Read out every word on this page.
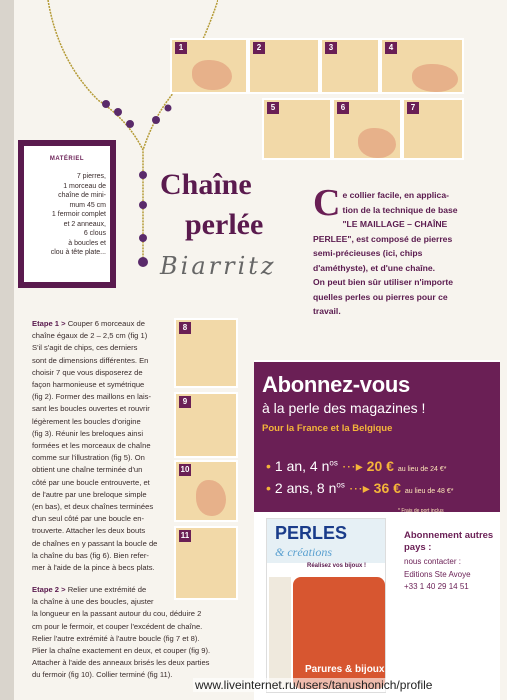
1	2	3	4
5	6	7
MATÉRIEL
7 pierres,
1 morceau de
chaîne de mini-
mum 45 cm
1 fermoir complet
et 2 anneaux,
6 clous
à boucles et
clou à tête plate...
Chaîne
perlée
Biarritz
C e collier facile, en applica-
tion de la technique de base
"LE MAILLAGE – CHAÎNE
PERLEE", est composé de pierres
semi-précieuses (ici, chips
d'améthyste), et d'une chaîne.
On peut bien sûr utiliser n'importe
quelles perles ou pierres pour ce
travail.
Etape 1 > Couper 6 morceaux de
chaîne égaux de 2 – 2,5 cm (fig 1)
S'il s'agit de chips, ces derniers
sont de dimensions différentes. En
choisir 7 que vous disposerez de
façon harmonieuse et symétrique
(fig 2). Former des maillons en lais-
sant les boucles ouvertes et rouvrir
légèrement les boucles d'origine
(fig 3). Réunir les breloques ainsi
formées et les morceaux de chaîne
comme sur l'illustration (fig 5). On
obtient une chaîne terminée d'un
côté par une boucle entrouverte, et
de l'autre par une breloque simple
(en bas), et deux chaînes terminées
d'un seul côté par une boucle en-
trouverte. Attacher les deux bouts
de chaînes en y passant la boucle de
la chaîne du bas (fig 6). Bien refer-
mer à l'aide de la pince à becs plats.
8
9
10
11
Etape 2 > Relier une extrémité de
la chaîne à une des boucles, ajuster
la longueur en la passant autour du cou, déduire 2
cm pour le fermoir, et couper l'excédent de chaîne.
Relier l'autre extrémité à l'autre boucle (fig 7 et 8).
Plier la chaîne exactement en deux, et couper (fig 9).
Attacher à l'aide des anneaux brisés les deux parties
du fermoir (fig 10). Collier terminé (fig 11).
Abonnez-vous
à la perle des magazines !
Pour la France et la Belgique
• 1 an, 4 $n^{os}$ ⋯▸ 20 € au lieu de 24 €*
• 2 ans, 8 $n^{os}$ ⋯▸ 36 € au lieu de 48 €*
* Frais de port inclus
PERLES
& créations
Réalisez vos bijoux !
Parures & bijoux
Abonnement autres pays :
nous contacter :
Editions Ste Avoye
+33 1 40 29 14 51
www.liveinternet.ru/users/tanushonich/profile	41
